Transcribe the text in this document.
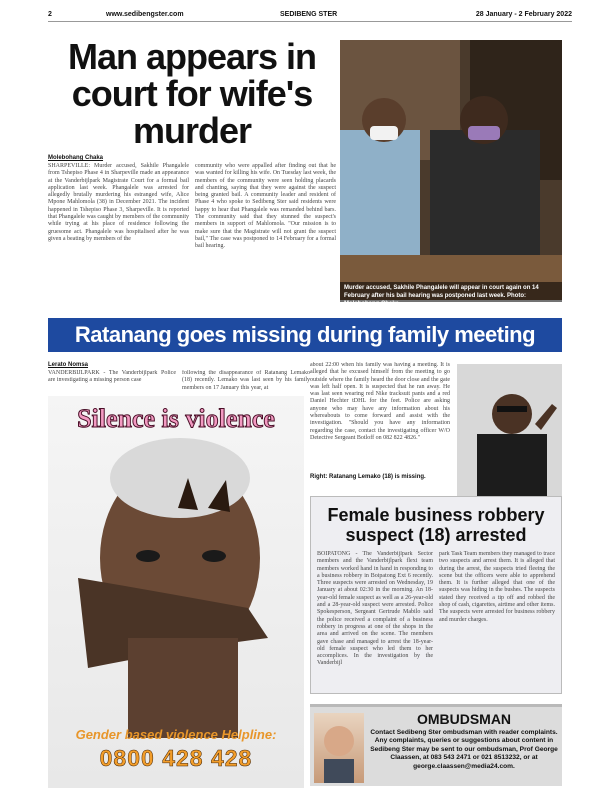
2	www.sedibengster.com	SEDIBENG STER	28 January - 2 February 2022
Man appears in court for wife's murder
Molebohang Chaka
SHARPEVILLE: Murder accused, Sakhile Phangalele from Tshepiso Phase 4 in Sharpeville made an appearance at the Vanderbijlpark Magistrate Court for a formal bail application last week. Phangalele was arrested for allegedly brutally murdering his estranged wife, Alice Mpone Mahlomola (38) in December 2021. The incident happened in Tshepiso Phase 3, Sharpeville. It is reported that Phangalele was caught by members of the community while trying at his place of residence following the gruesome act. Phangalele was hospitalised after he was given a beating by members of the
community who were appalled after finding out that he was wanted for killing his wife. On Tuesday last week, the members of the community were seen holding placards and chanting, saying that they were against the suspect being granted bail. A community leader and resident of Phase 4 who spoke to Sedibeng Ster said residents were happy to hear that Phangalele was remanded behind bars. The community said that they stunned the suspect's members in support of Mahlomola. "Our mission is to make sure that the Magistrate will not grant the suspect bail," The case was postponed to 14 February for a formal bail hearing.
Murder accused, Sakhile Phangalele will appear in court again on 14 February after his bail hearing was postponed last week. Photo: Molebohang Chaka
Ratanang goes missing during family meeting
Lerato Nomsa
VANDERBIJLPARK - The Vanderbijlpark Police are investigating a missing person case
following the disappearance of Ratanang Lemako (18) recently. Lemako was last seen by his family members on 17 January this year, at
about 22:00 when his family was having a meeting. It is alleged that he excused himself from the meeting to go outside where the family heard the door close and the gate was left half open. It is suspected that he ran away. He was last seen wearing red Nike tracksuit pants and a red Daniel Hechter tDHL for the feet. Police are asking anyone who may have any information about his whereabouts to come forward and assist with the investigation. "Should you have any information regarding the case, contact the investigating officer W/O Detective Sergeant Botloff on 082 822 4826."
Right: Ratanang Lemako (18) is missing.
Silence is violence
Gender based violence Helpline:
0800 428 428
Female business robbery suspect (18) arrested
BOIPATONG - The Vanderbijlpark Sector members and the Vanderbijlpark flexi team members worked hand in hand in responding to a business robbery in Boipatong Ext 6 recently. Three suspects were arrested on Wednesday, 19 January at about 02:30 in the morning. An 18-year-old female suspect as well as a 26-year-old and a 28-year-old suspect were arrested. Police Spokesperson, Sergeant Gertrude Mabilo said the police received a complaint of a business robbery in progress at one of the shops in the area and arrived on the scene. The members gave chase and managed to arrest the 18-year-old female suspect who led them to her accomplices. In the investigation by the Vanderbijl
park Task Team members they managed to trace two suspects and arrest them. It is alleged that during the arrest, the suspects tried fleeing the scene but the officers were able to apprehend them. It is further alleged that one of the suspects was hiding in the bushes. The suspects stated they received a tip off and robbed the shop of cash, cigarettes, airtime and other items. The suspects were arrested for business robbery and murder charges.
OMBUDSMAN
Contact Sedibeng Ster ombudsman with reader complaints. Any complaints, queries or suggestions about content in Sedibeng Ster may be sent to our ombudsman, Prof George Claassen, at 083 543 2471 or 021 8513232, or at george.claassen@media24.com.
